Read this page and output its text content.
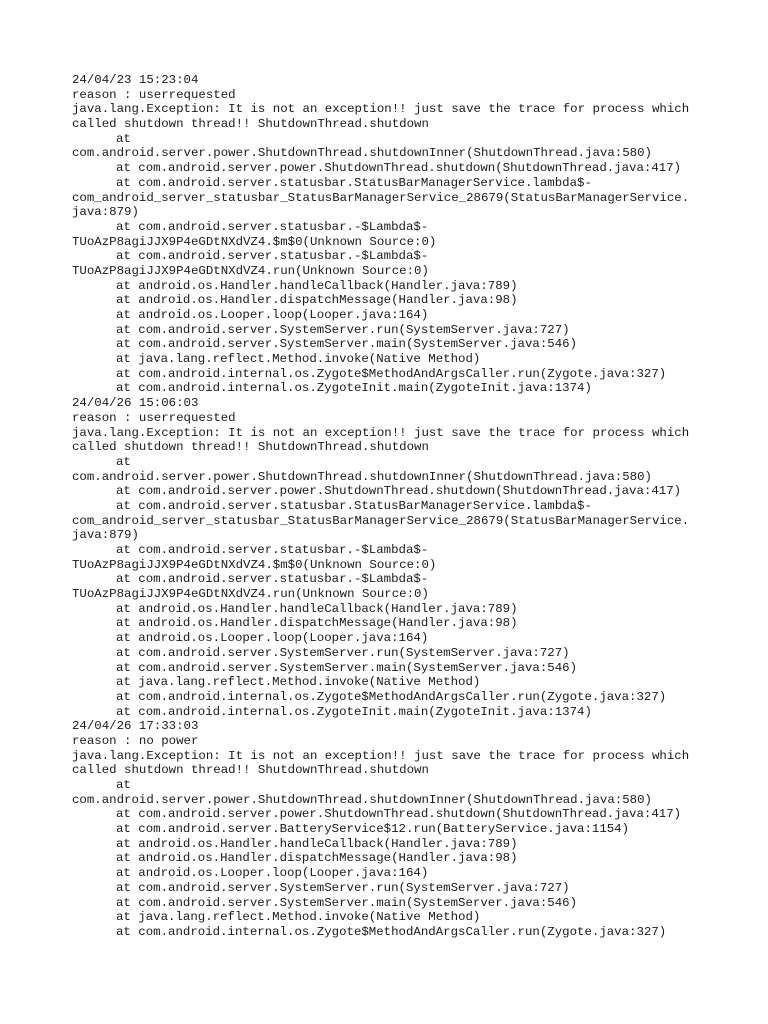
24/04/23 15:23:04
reason : userrequested
java.lang.Exception: It is not an exception!! just save the trace for process which
called shutdown thread!! ShutdownThread.shutdown
at
com.android.server.power.ShutdownThread.shutdownInner(ShutdownThread.java:580)
at com.android.server.power.ShutdownThread.shutdown(ShutdownThread.java:417)
at com.android.server.statusbar.StatusBarManagerService.lambda$-
com_android_server_statusbar_StatusBarManagerService_28679(StatusBarManagerService.
java:879)
at com.android.server.statusbar.-$Lambda$-
TUoAzP8agiJJX9P4eGDtNXdVZ4.$m$0(Unknown Source:0)
at com.android.server.statusbar.-$Lambda$-
TUoAzP8agiJJX9P4eGDtNXdVZ4.run(Unknown Source:0)
at android.os.Handler.handleCallback(Handler.java:789)
at android.os.Handler.dispatchMessage(Handler.java:98)
at android.os.Looper.loop(Looper.java:164)
at com.android.server.SystemServer.run(SystemServer.java:727)
at com.android.server.SystemServer.main(SystemServer.java:546)
at java.lang.reflect.Method.invoke(Native Method)
at com.android.internal.os.Zygote$MethodAndArgsCaller.run(Zygote.java:327)
at com.android.internal.os.ZygoteInit.main(ZygoteInit.java:1374)
24/04/26 15:06:03
reason : userrequested
java.lang.Exception: It is not an exception!! just save the trace for process which
called shutdown thread!! ShutdownThread.shutdown
at
com.android.server.power.ShutdownThread.shutdownInner(ShutdownThread.java:580)
at com.android.server.power.ShutdownThread.shutdown(ShutdownThread.java:417)
at com.android.server.statusbar.StatusBarManagerService.lambda$-
com_android_server_statusbar_StatusBarManagerService_28679(StatusBarManagerService.
java:879)
at com.android.server.statusbar.-$Lambda$-
TUoAzP8agiJJX9P4eGDtNXdVZ4.$m$0(Unknown Source:0)
at com.android.server.statusbar.-$Lambda$-
TUoAzP8agiJJX9P4eGDtNXdVZ4.run(Unknown Source:0)
at android.os.Handler.handleCallback(Handler.java:789)
at android.os.Handler.dispatchMessage(Handler.java:98)
at android.os.Looper.loop(Looper.java:164)
at com.android.server.SystemServer.run(SystemServer.java:727)
at com.android.server.SystemServer.main(SystemServer.java:546)
at java.lang.reflect.Method.invoke(Native Method)
at com.android.internal.os.Zygote$MethodAndArgsCaller.run(Zygote.java:327)
at com.android.internal.os.ZygoteInit.main(ZygoteInit.java:1374)
24/04/26 17:33:03
reason : no power
java.lang.Exception: It is not an exception!! just save the trace for process which
called shutdown thread!! ShutdownThread.shutdown
at
com.android.server.power.ShutdownThread.shutdownInner(ShutdownThread.java:580)
at com.android.server.power.ShutdownThread.shutdown(ShutdownThread.java:417)
at com.android.server.BatteryService$12.run(BatteryService.java:1154)
at android.os.Handler.handleCallback(Handler.java:789)
at android.os.Handler.dispatchMessage(Handler.java:98)
at android.os.Looper.loop(Looper.java:164)
at com.android.server.SystemServer.run(SystemServer.java:727)
at com.android.server.SystemServer.main(SystemServer.java:546)
at java.lang.reflect.Method.invoke(Native Method)
at com.android.internal.os.Zygote$MethodAndArgsCaller.run(Zygote.java:327)
